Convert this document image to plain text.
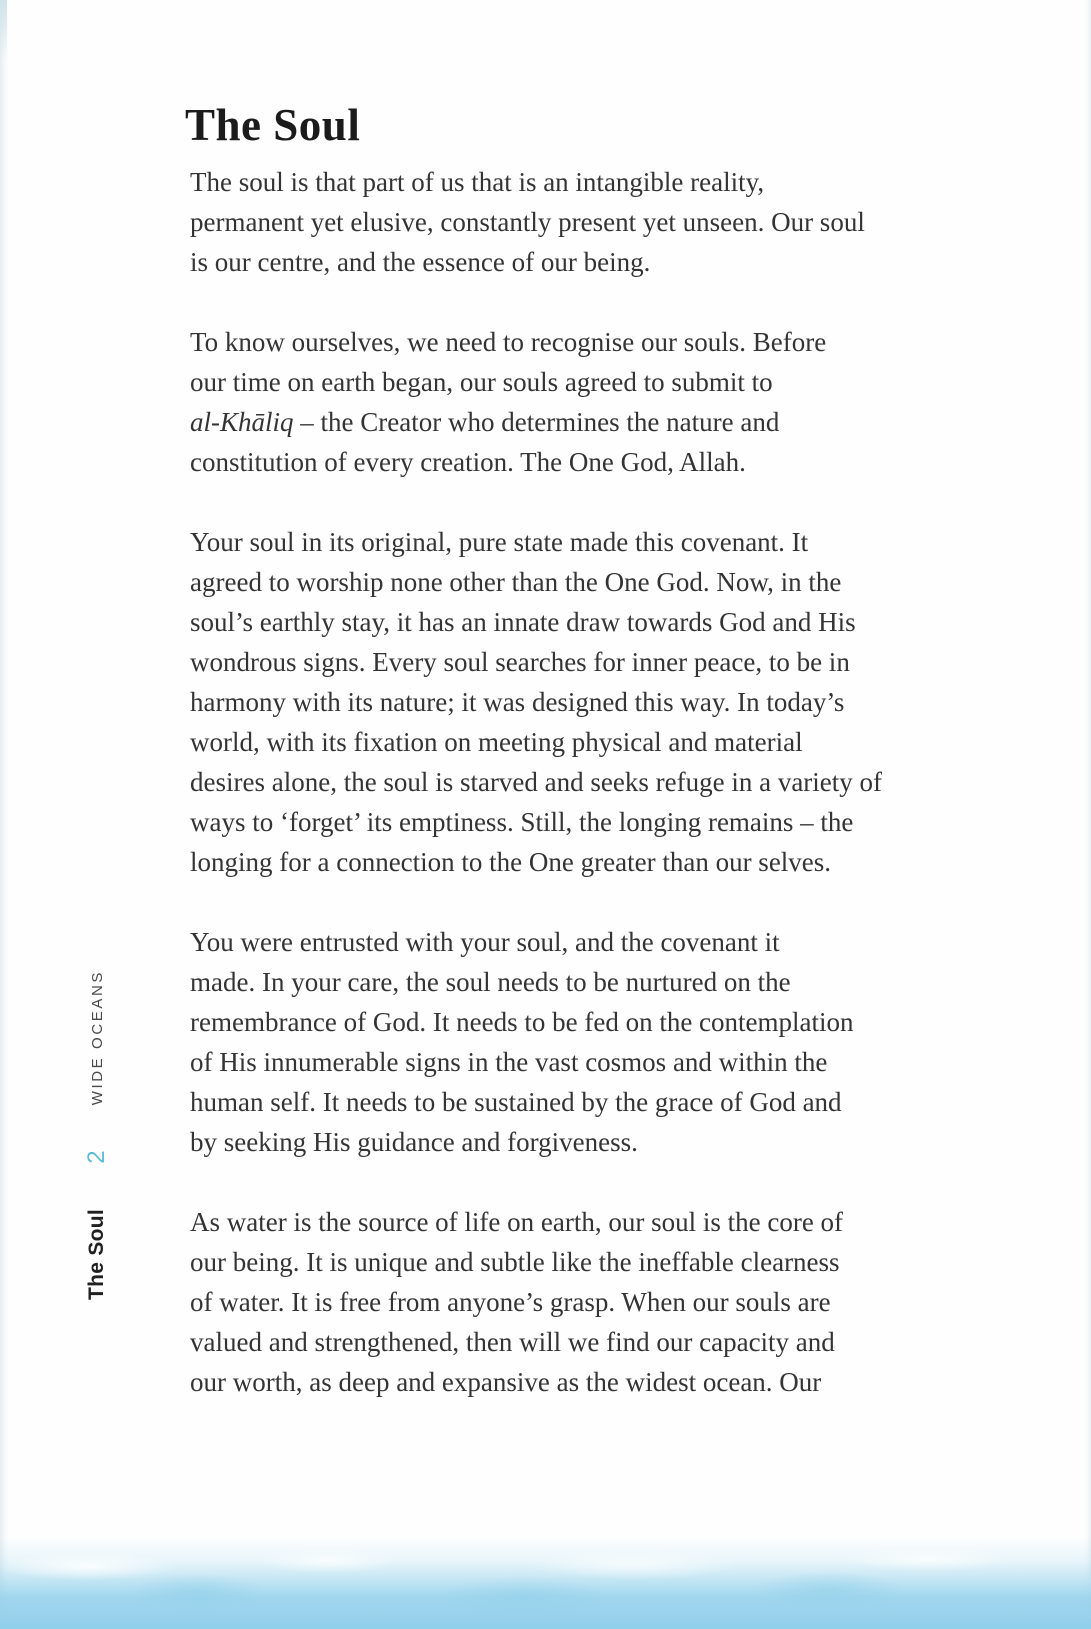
The Soul

The soul is that part of us that is an intangible reality,
permanent yet elusive, constantly present yet unseen. Our soul
is our centre, and the essence of our being.

To know ourselves, we need to recognise our souls. Before
our time on earth began, our souls agreed to submit to
al-Khāliq – the Creator who determines the nature and
constitution of every creation. The One God, Allah.

Your soul in its original, pure state made this covenant. It
agreed to worship none other than the One God. Now, in the
soul’s earthly stay, it has an innate draw towards God and His
wondrous signs. Every soul searches for inner peace, to be in
harmony with its nature; it was designed this way. In today’s
world, with its fixation on meeting physical and material
desires alone, the soul is starved and seeks refuge in a variety of
ways to ‘forget’ its emptiness. Still, the longing remains – the
longing for a connection to the One greater than our selves.

You were entrusted with your soul, and the covenant it
made. In your care, the soul needs to be nurtured on the
remembrance of God. It needs to be fed on the contemplation
of His innumerable signs in the vast cosmos and within the
human self. It needs to be sustained by the grace of God and
by seeking His guidance and forgiveness.

As water is the source of life on earth, our soul is the core of
our being. It is unique and subtle like the ineffable clearness
of water. It is free from anyone’s grasp. When our souls are
valued and strengthened, then will we find our capacity and
our worth, as deep and expansive as the widest ocean. Our

The Soul
2
WIDE OCEANS
